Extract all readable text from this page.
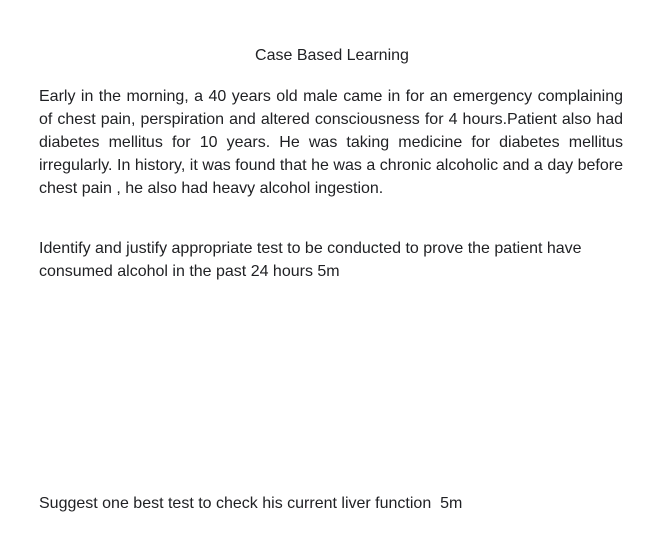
Case Based Learning

Early in the morning, a 40 years old male came in for an emergency complaining of chest pain, perspiration and altered consciousness for 4 hours.Patient also had diabetes mellitus for 10 years. He was taking medicine for diabetes mellitus irregularly. In history, it was found that he was a chronic alcoholic and a day before chest pain , he also had heavy alcohol ingestion.

Identify and justify appropriate test to be conducted to prove the patient have consumed alcohol in the past 24 hours 5m

Suggest one best test to check his current liver function  5m
